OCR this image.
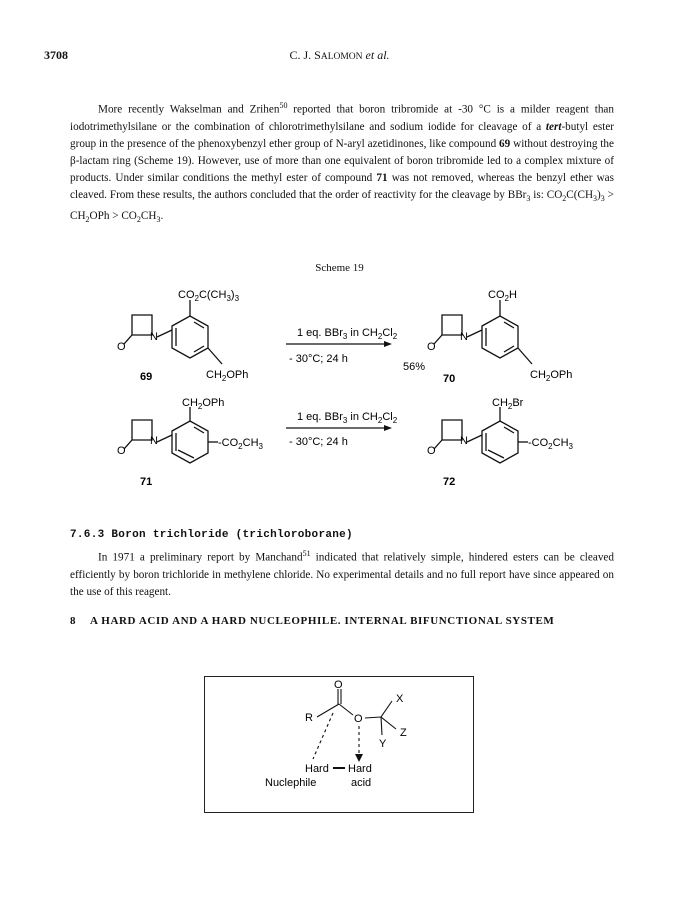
3708	C. J. SALOMON et al.

More recently Wakselman and Zrihen$^{50}$ reported that boron tribromide at -30 °C is a milder reagent than iodotrimethylsilane or the combination of chlorotrimethylsilane and sodium iodide for cleavage of a tert-butyl ester group in the presence of the phenoxybenzyl ether group of N-aryl azetidinones, like compound 69 without destroying the β-lactam ring (Scheme 19). However, use of more than one equivalent of boron tribromide led to a complex mixture of products. Under similar conditions the methyl ester of compound 71 was not removed, whereas the benzyl ether was cleaved. From these results, the authors concluded that the order of reactivity for the cleavage by BBr$_3$ is: $CO_2C(CH_3)_3 > CH_2OPh > CO_2CH_3$.

Scheme 19
O
N
$CO_2C(CH_3)_3$
$CH_2OPh$
69
1 eq. BBr$_3$ in $CH_2Cl_2$
- 30°C; 24 h
56%
O
N
$CO_2H$
$CH_2OPh$
70
O
N
$CH_2OPh$
$-CO_2CH_3$
71
1 eq. BBr$_3$ in $CH_2Cl_2$
- 30°C; 24 h
O
N
$CH_2Br$
$-CO_2CH_3$
72
7.6.3 Boron trichloride (trichloroborane)

In 1971 a preliminary report by Manchand$^{51}$ indicated that relatively simple, hindered esters can be cleaved efficiently by boron trichloride in methylene chloride. No experimental details and no full report have since appeared on the use of this reagent.

8 A HARD ACID AND A HARD NUCLEOPHILE. INTERNAL BIFUNCTIONAL SYSTEM
O
R	O
X
Z
Y
Hard Hard
Nuclephile	acid
